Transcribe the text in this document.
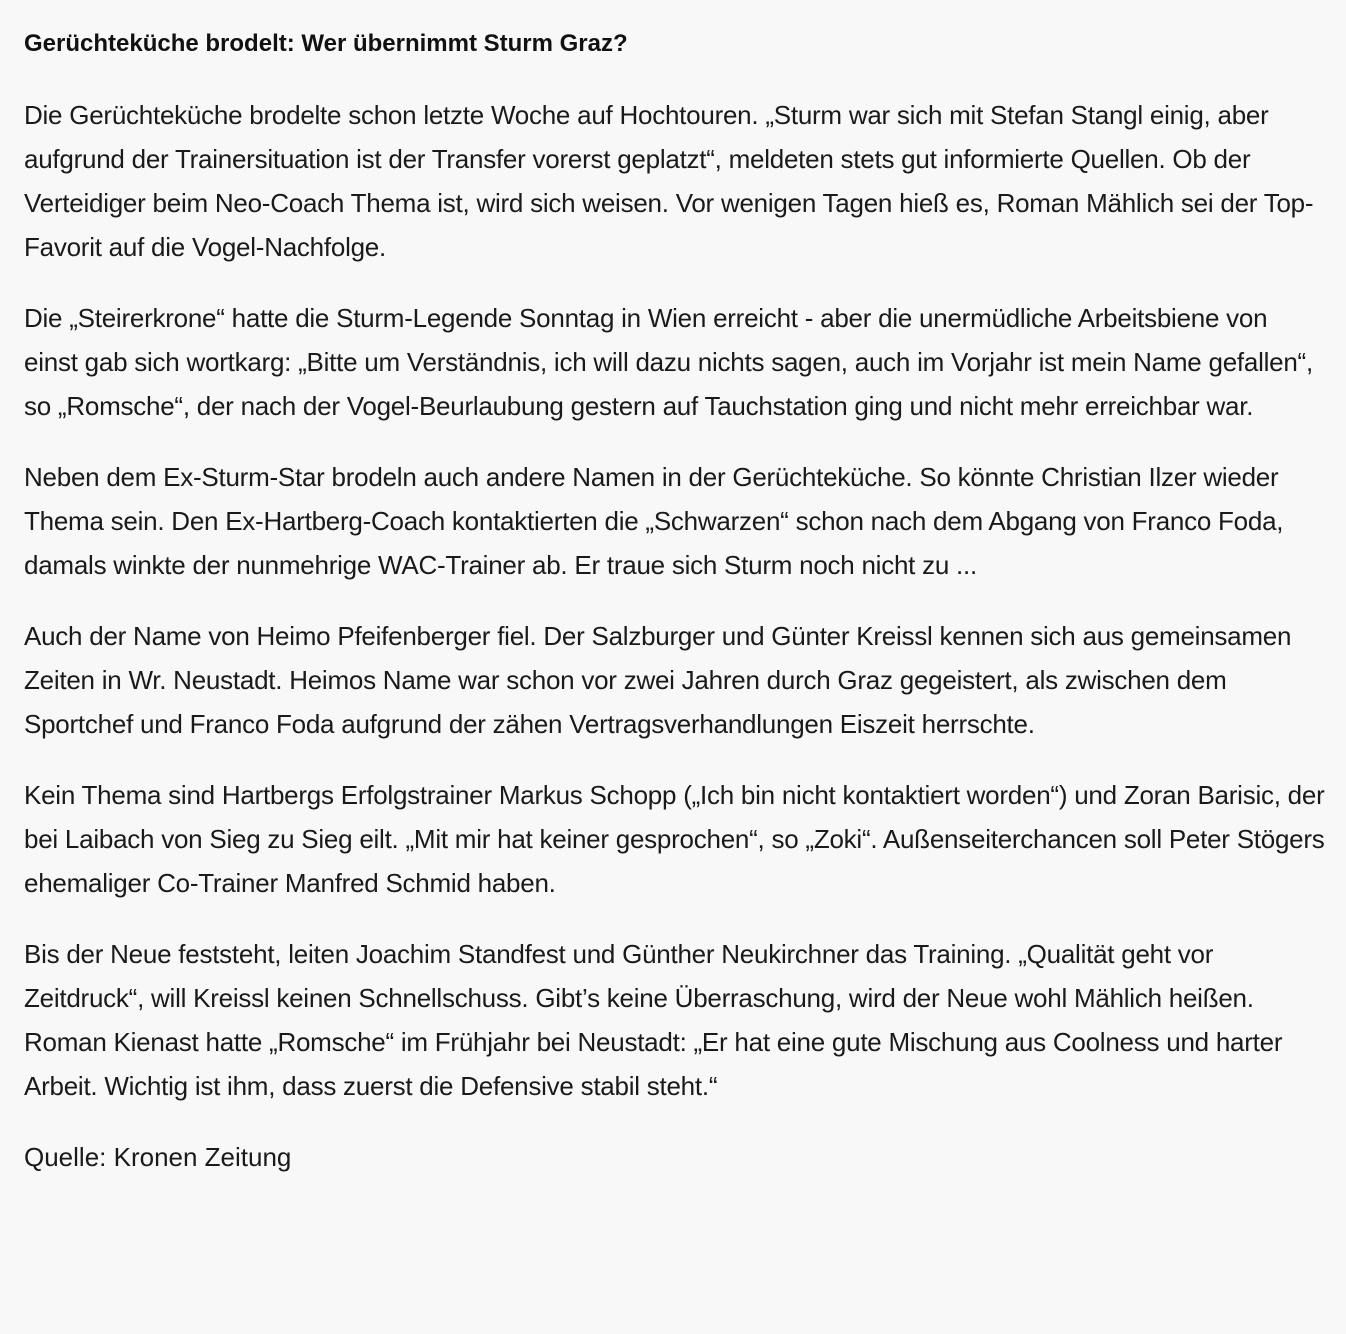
Gerüchteküche brodelt: Wer übernimmt Sturm Graz?

Die Gerüchteküche brodelte schon letzte Woche auf Hochtouren. „Sturm war sich mit Stefan Stangl einig, aber aufgrund der Trainersituation ist der Transfer vorerst geplatzt“, meldeten stets gut informierte Quellen. Ob der Verteidiger beim Neo-Coach Thema ist, wird sich weisen. Vor wenigen Tagen hieß es, Roman Mählich sei der Top-Favorit auf die Vogel-Nachfolge.

Die „Steirerkrone“ hatte die Sturm-Legende Sonntag in Wien erreicht - aber die unermüdliche Arbeitsbiene von einst gab sich wortkarg: „Bitte um Verständnis, ich will dazu nichts sagen, auch im Vorjahr ist mein Name gefallen“, so „Romsche“, der nach der Vogel-Beurlaubung gestern auf Tauchstation ging und nicht mehr erreichbar war.

Neben dem Ex-Sturm-Star brodeln auch andere Namen in der Gerüchteküche. So könnte Christian Ilzer wieder Thema sein. Den Ex-Hartberg-Coach kontaktierten die „Schwarzen“ schon nach dem Abgang von Franco Foda, damals winkte der nunmehrige WAC-Trainer ab. Er traue sich Sturm noch nicht zu ...

Auch der Name von Heimo Pfeifenberger fiel. Der Salzburger und Günter Kreissl kennen sich aus gemeinsamen Zeiten in Wr. Neustadt. Heimos Name war schon vor zwei Jahren durch Graz gegeistert, als zwischen dem Sportchef und Franco Foda aufgrund der zähen Vertragsverhandlungen Eiszeit herrschte.

Kein Thema sind Hartbergs Erfolgstrainer Markus Schopp („Ich bin nicht kontaktiert worden“) und Zoran Barisic, der bei Laibach von Sieg zu Sieg eilt. „Mit mir hat keiner gesprochen“, so „Zoki“. Außenseiterchancen soll Peter Stögers ehemaliger Co-Trainer Manfred Schmid haben.

Bis der Neue feststeht, leiten Joachim Standfest und Günther Neukirchner das Training. „Qualität geht vor Zeitdruck“, will Kreissl keinen Schnellschuss. Gibt’s keine Überraschung, wird der Neue wohl Mählich heißen. Roman Kienast hatte „Romsche“ im Frühjahr bei Neustadt: „Er hat eine gute Mischung aus Coolness und harter Arbeit. Wichtig ist ihm, dass zuerst die Defensive stabil steht.“

Quelle: Kronen Zeitung
